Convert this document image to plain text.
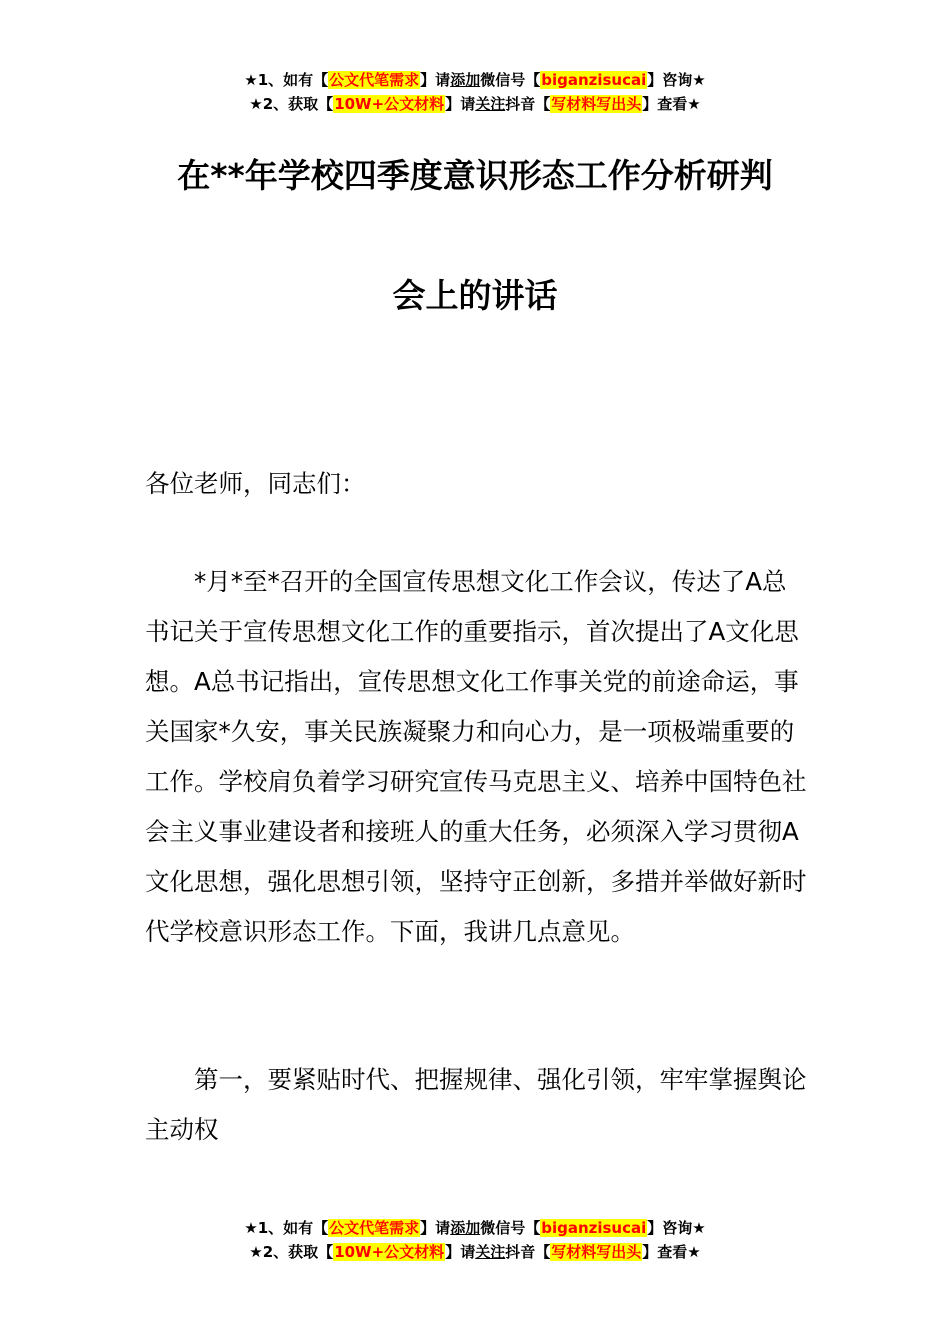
★1、如有【公文代笔需求】请添加微信号【biganzisucai】咨询★
★2、获取【10W+公文材料】请关注抖音【写材料写出头】查看★
在**年学校四季度意识形态工作分析研判
会上的讲话
各位老师，同志们：
*月*至*召开的全国宣传思想文化工作会议，传达了A总书记关于宣传思想文化工作的重要指示，首次提出了A文化思想。A总书记指出，宣传思想文化工作事关党的前途命运，事关国家*久安，事关民族凝聚力和向心力，是一项极端重要的工作。学校肩负着学习研究宣传马克思主义、培养中国特色社会主义事业建设者和接班人的重大任务，必须深入学习贯彻A文化思想，强化思想引领，坚持守正创新，多措并举做好新时代学校意识形态工作。下面，我讲几点意见。
第一，要紧贴时代、把握规律、强化引领，牢牢掌握舆论主动权
★1、如有【公文代笔需求】请添加微信号【biganzisucai】咨询★
★2、获取【10W+公文材料】请关注抖音【写材料写出头】查看★
